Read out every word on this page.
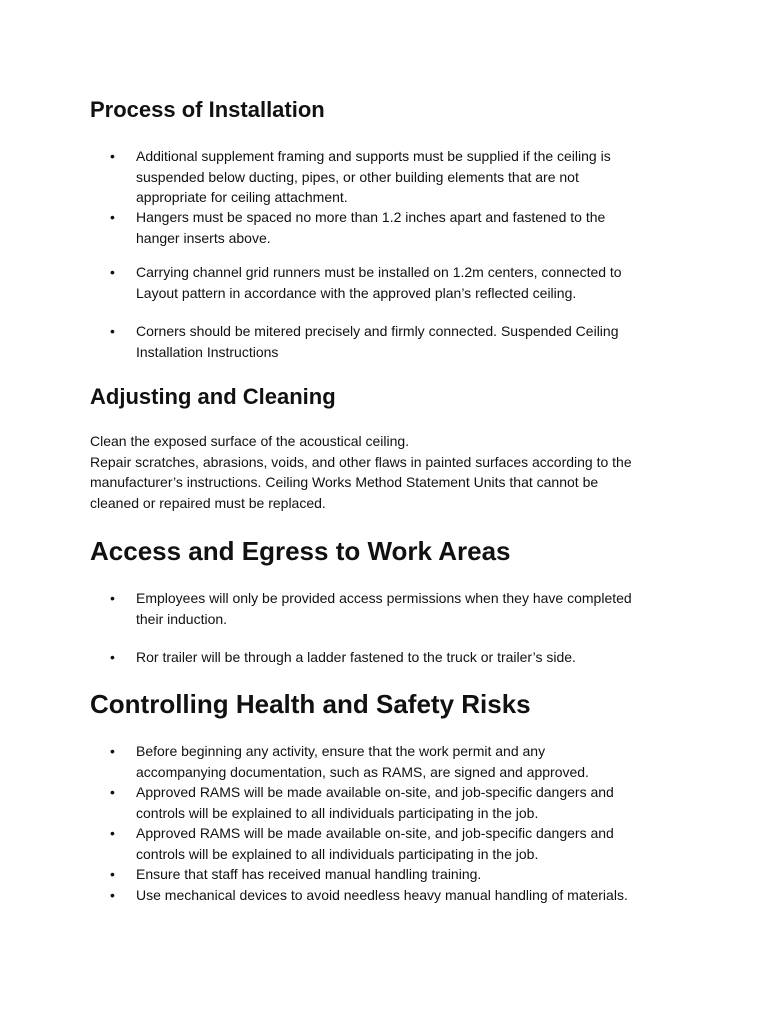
Process of Installation
• Additional supplement framing and supports must be supplied if the ceiling is
suspended below ducting, pipes, or other building elements that are not
appropriate for ceiling attachment.
• Hangers must be spaced no more than 1.2 inches apart and fastened to the
hanger inserts above.
• Carrying channel grid runners must be installed on 1.2m centers, connected to
Layout pattern in accordance with the approved plan’s reflected ceiling.
• Corners should be mitered precisely and firmly connected. Suspended Ceiling
Installation Instructions
Adjusting and Cleaning

Clean the exposed surface of the acoustical ceiling.
Repair scratches, abrasions, voids, and other flaws in painted surfaces according to the
manufacturer’s instructions. Ceiling Works Method Statement Units that cannot be
cleaned or repaired must be replaced.

Access and Egress to Work Areas
• Employees will only be provided access permissions when they have completed
their induction.
• Ror trailer will be through a ladder fastened to the truck or trailer’s side.
Controlling Health and Safety Risks
• Before beginning any activity, ensure that the work permit and any
accompanying documentation, such as RAMS, are signed and approved.
• Approved RAMS will be made available on-site, and job-specific dangers and
controls will be explained to all individuals participating in the job.
• Approved RAMS will be made available on-site, and job-specific dangers and
controls will be explained to all individuals participating in the job.
• Ensure that staff has received manual handling training.
• Use mechanical devices to avoid needless heavy manual handling of materials.
